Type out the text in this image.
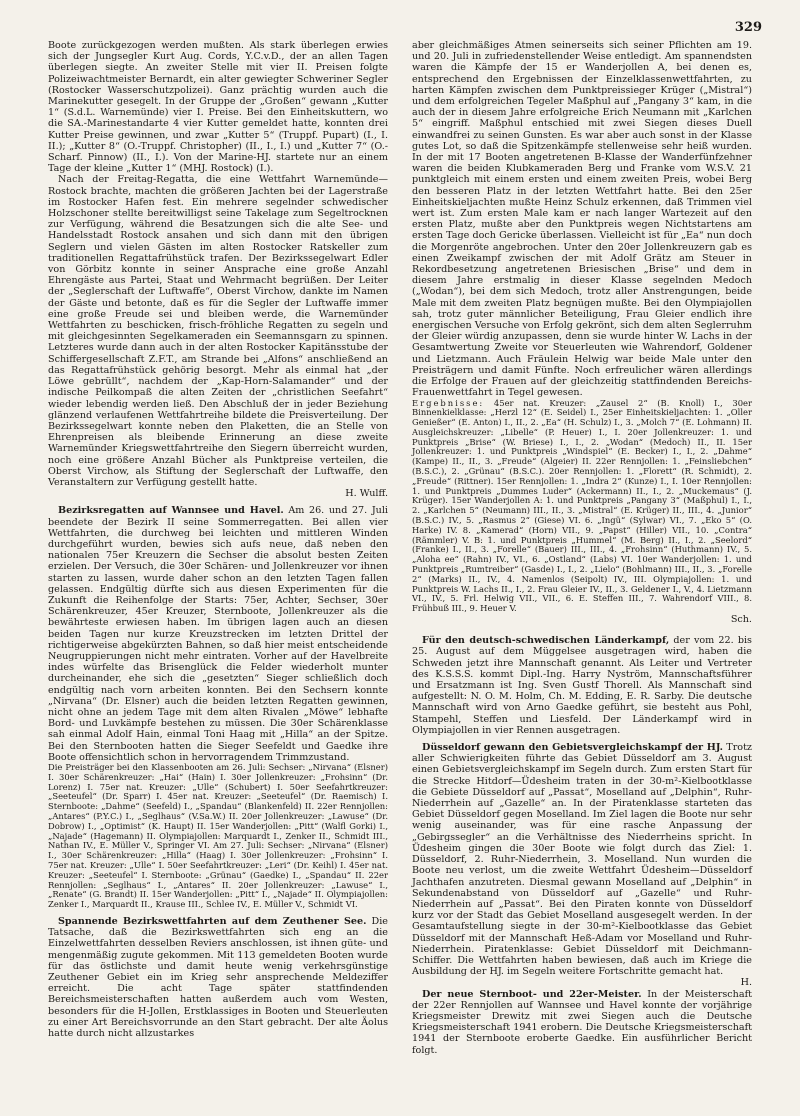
329

Boote zurückgezogen werden mußten. Als stark überlegen erwies sich der Jungsegler Kurt Aug. Cords, Y.C.v.D., der an allen Tagen überlegen siegte. An zweiter Stelle mit vier II. Preisen folgte Polizeiwachtmeister Bernardt, ein alter gewiegter Schweriner Segler (Rostocker Wasserschutzpolizei). Ganz prächtig wurden auch die Marinekutter gesegelt. In der Gruppe der „Großen“ gewann „Kutter 1“ (S.d.L. Warnemünde) vier I. Preise. Bei den Einheitskuttern, wo die SA.-Marinestandarte 4 vier Kutter gemeldet hatte, konnten drei Kutter Preise gewinnen, und zwar „Kutter 5“ (Truppf. Pupart) (I., I. II.); „Kutter 8“ (O.-Truppf. Christopher) (II., I., I.) und „Kutter 7“ (O.-Scharf. Pinnow) (II., I.). Von der Marine-HJ. startete nur an einem Tage der kleine „Kutter 1“ (MHJ. Rostock) (I.).

Nach der Freitag-Regatta, die eine Wettfahrt Warnemünde—Rostock brachte, machten die größeren Jachten bei der Lagerstraße im Rostocker Hafen fest. Ein mehrere segelnder schwedischer Holzschoner stellte bereitwilligst seine Takelage zum Segeltrocknen zur Verfügung, während die Besatzungen sich die alte See- und Handelsstadt Rostock ansahen und sich dann mit den übrigen Seglern und vielen Gästen im alten Rostocker Ratskeller zum traditionellen Regattafrühstück trafen. Der Bezirkssegelwart Edler von Görbitz konnte in seiner Ansprache eine große Anzahl Ehrengäste aus Partei, Staat und Wehrmacht begrüßen. Der Leiter der „Seglerschaft der Luftwaffe“, Oberst Virchow, dankte im Namen der Gäste und betonte, daß es für die Segler der Luftwaffe immer eine große Freude sei und bleiben werde, die Warnemünder Wettfahrten zu beschicken, frisch-fröhliche Regatten zu segeln und mit gleichgesinnten Segelkameraden ein Seemannsgarn zu spinnen. Letzteres wurde dann auch in der alten Rostocker Kapitänsstube der Schiffergesellschaft Z.F.T., am Strande bei „Alfons“ anschließend an das Regattafrühstück gehörig besorgt. Mehr als einmal hat „der Löwe gebrüllt“, nachdem der „Kap-Horn-Salamander“ und der indische Peilkompaß die alten Zeiten der „christlichen Seefahrt“ wieder lebendig werden ließ. Den Abschluß der in jeder Beziehung glänzend verlaufenen Wettfahrtreihe bildete die Preisverteilung. Der Bezirkssegelwart konnte neben den Plaketten, die an Stelle von Ehrenpreisen als bleibende Erinnerung an diese zweite Warnemünder Kriegswettfahrtreihe den Siegern überreicht wurden, noch eine größere Anzahl Bücher als Punktpreise verteilen, die Oberst Virchow, als Stiftung der Seglerschaft der Luftwaffe, den Veranstaltern zur Verfügung gestellt hatte.

H. Wulff.

Bezirksregatten auf Wannsee und Havel. Am 26. und 27. Juli beendete der Bezirk II seine Sommerregatten. Bei allen vier Wettfahrten, die durchweg bei leichten und mittleren Winden durchgeführt wurden, bewies sich aufs neue, daß neben den nationalen 75er Kreuzern die Sechser die absolut besten Zeiten erzielen. Der Versuch, die 30er Schären- und Jollenkreuzer vor ihnen starten zu lassen, wurde daher schon an den letzten Tagen fallen gelassen. Endgültig dürfte sich aus diesen Experimenten für die Zukunft die Reihenfolge der Starts: 75er, Achter, Sechser, 30er Schärenkreuzer, 45er Kreuzer, Sternboote, Jollenkreuzer als die bewährteste erwiesen haben. Im übrigen lagen auch an diesen beiden Tagen nur kurze Kreuzstrecken im letzten Drittel der richtigerweise abgekürzten Bahnen, so daß hier meist entscheidende Neugruppierungen nicht mehr eintraten. Vorher auf der Havelbreite indes würfelte das Brisenglück die Felder wiederholt munter durcheinander, ehe sich die „gesetzten“ Sieger schließlich doch endgültig nach vorn arbeiten konnten. Bei den Sechsern konnte „Nirvana“ (Dr. Elsner) auch die beiden letzten Regatten gewinnen, nicht ohne an jedem Tage mit dem alten Rivalen „Möwe“ lebhafte Bord- und Luvkämpfe bestehen zu müssen. Die 30er Schärenklasse sah einmal Adolf Hain, einmal Toni Haag mit „Hilla“ an der Spitze. Bei den Sternbooten hatten die Sieger Seefeldt und Gaedke ihre Boote offensichtlich schon in hervorragendem Trimmzustand.

Die Preisträger bei den Klassenbooten am 26. Juli: Sechser: „Nirvana“ (Elsner) I. 30er Schärenkreuzer: „Hai“ (Hain) I. 30er Jollenkreuzer: „Frohsinn“ (Dr. Lorenz) I. 75er nat. Kreuzer: „Ulle“ (Schubert) I. 50er Seefahrtkreuzer: „Seeteufel“ (Dr. Sparr) I. 45er nat. Kreuzer: „Seeteufel“ (Dr. Raemisch) I. Sternboote: „Dahme“ (Seefeld) I., „Spandau“ (Blankenfeld) II. 22er Rennjollen: „Antares“ (P.Y.C.) I., „Seglhaus“ (V.Sa.W.) II. 20er Jollenkreuzer: „Lawuse“ (Dr. Dobrow) I., „Optimist“ (K. Haupt) II. 15er Wanderjollen: „Pitt“ (Walfl Gorki) I., „Najade“ (Hagemann) II. Olympiajollen: Marquardt I., Zenker II., Schmidt III., Nathan IV., E. Müller V., Springer VI. Am 27. Juli: Sechser: „Nirvana“ (Elsner) I., 30er Schärenkreuzer: „Hilla“ (Haag) I. 30er Jollenkreuzer: „Frohsinn“ I. 75er nat. Kreuzer: „Ulle“ I. 50er Seefahrtkreuzer: „Leri“ (Dr. Keihl) I. 45er nat. Kreuzer: „Seeteufel“ I. Sternboote: „Grünau“ (Gaedke) I., „Spandau“ II. 22er Rennjollen: „Seglhaus“ I., „Antares“ II. 20er Jollenkreuzer: „Lawuse“ I., „Renate“ (G. Brandt) II. 15er Wanderjollen: „Pitt“ I., „Najade“ II. Olympiajollen: Zenker I., Marquardt II., Krause III., Schlee IV., E. Müller V., Schmidt VI.

Spannende Bezirkswettfahrten auf dem Zeuthener See. Die Tatsache, daß die Bezirkswettfahrten sich eng an die Einzelwettfahrten desselben Reviers anschlossen, ist ihnen güte- und mengenmäßig zugute gekommen. Mit 113 gemeldeten Booten wurde für das östlichste und damit heute wenig verkehrsgünstige Zeuthener Gebiet ein im Krieg sehr ansprechende Meldeziffer erreicht. Die acht Tage später stattfindenden Bereichsmeisterschaften hatten außerdem auch vom Westen, besonders für die H-Jollen, Erstklassiges in Booten und Steuerleuten zu einer Art Bereichsvorrunde an den Start gebracht. Der alte Äolus hatte durch nicht allzustarkes

aber gleichmäßiges Atmen seinerseits sich seiner Pflichten am 19. und 20. Juli in zufriedenstellender Weise entledigt. Am spannendsten waren die Kämpfe der 15 er Wanderjollen A, bei denen es, entsprechend den Ergebnissen der Einzelklassenwettfahrten, zu harten Kämpfen zwischen dem Punktpreissieger Krüger („Mistral“) und dem erfolgreichen Tegeler Maßphul auf „Pangany 3“ kam, in die auch der in diesem Jahre erfolgreiche Erich Neumann mit „Karlchen 5“ eingriff. Maßphul entschied mit zwei Siegen dieses Duell einwandfrei zu seinen Gunsten. Es war aber auch sonst in der Klasse gutes Lot, so daß die Spitzenkämpfe stellenweise sehr heiß wurden. In der mit 17 Booten angetretenen B-Klasse der Wanderfünfzehner waren die beiden Klubkameraden Berg und Franke vom W.S.V. 21 punktgleich mit einem ersten und einem zweiten Preis, wobei Berg den besseren Platz in der letzten Wettfahrt hatte. Bei den 25er Einheitskieljachten mußte Heinz Schulz erkennen, daß Trimmen viel wert ist. Zum ersten Male kam er nach langer Wartezeit auf den ersten Platz, mußte aber den Punktpreis wegen Nichtstartens am ersten Tage doch Gericke überlassen. Vielleicht ist für „Ea“ nun doch die Morgenröte angebrochen. Unter den 20er Jollenkreuzern gab es einen Zweikampf zwischen der mit Adolf Grätz am Steuer in Rekordbesetzung angetretenen Briesischen „Brise“ und dem in diesem Jahre erstmalig in dieser Klasse segelnden Medoch („Wodan“), bei dem sich Medoch, trotz aller Anstrengungen, beide Male mit dem zweiten Platz begnügen mußte. Bei den Olympiajollen sah, trotz guter männlicher Beteiligung, Frau Gleier endlich ihre energischen Versuche von Erfolg gekrönt, sich dem alten Seglerruhm der Gleier würdig anzupassen, denn sie wurde hinter W. Lachs in der Gesamtwertung Zweite vor Steuerleuten wie Wahrendorf, Goldener und Lietzmann. Auch Fräulein Helwig war beide Male unter den Preisträgern und damit Fünfte. Noch erfreulicher wären allerdings die Erfolge der Frauen auf der gleichzeitig stattfindenden Bereichs-Frauenwettfahrt in Tegel gewesen.

Ergebnisse: 45er nat. Kreuzer: „Zausel 2“ (B. Knoll) I., 30er Binnenkielklasse: „Herzl 12“ (E. Seidel) I., 25er Einheitskieljachten: 1. „Oller Genießer“ (E. Anton) I., II., 2. „Ea“ (H. Schulz) I., 3. „Molch 7“ (E. Lohmann) II. Ausgleichskreuzer: „Libelle“ (P. Heuer) I., I. 20er Jollenkreuzer: 1. und Punktpreis „Brise“ (W. Briese) I., I., 2. „Wodan“ (Medoch) II., II. 15er Jollenkreuzer: 1. und Punktpreis „Windspiel“ (E. Becker) I., I., 2. „Dahme“ (Kampe) II., II., 3. „Freude“ (Algeier) II. 22er Rennjollen: 1. „Feinsliebchen“ (B.S.C.), 2. „Grünau“ (B.S.C.). 20er Rennjollen: 1. „Florett“ (R. Schmidt), 2. „Freude“ (Rittner). 15er Rennjollen: 1. „Indra 2“ (Kunze) I., I. 10er Rennjollen: 1. und Punktpreis „Dummes Luder“ (Ackermann) II., I., 2. „Muckemaus“ (J. Krüger). 15er Wanderjollen A: 1. und Punktpreis „Pangany 3“ (Maßphul) I., I., 2. „Karlchen 5“ (Neumann) III., II., 3. „Mistral“ (E. Krüger) II., III., 4. „Junior“ (B.S.C.) IV., 5. „Rasmus 2“ (Giese) VI. 6. „Ingü“ (Sylwar) VI., 7. „Eko 5“ (O. Harke) IV. 8. „Kamerad“ (Horn) VII., 9. „Papst“ (Hiller) VII., 10. „Contra“ (Rämmler) V. B: 1. und Punktpreis „Hummel“ (M. Berg) II., I., 2. „Seelord“ (Franke) I., II., 3. „Forelle“ (Bauer) III., III., 4. „Frohsinn“ (Huthmann) IV., 5. „Aloha ee“ (Rahn) IV., VI., 6. „Ostland“ (Labs) VI. 10er Wanderjollen: 1. und Punktpreis „Rumtreiber“ (Gasde) I., I., 2. „Lielo“ (Bohlmann) III., II., 3. „Forelle 2“ (Marks) II., IV., 4. Namenlos (Seipolt) IV., III. Olympiajollen: 1. und Punktpreis W. Lachs II., I., 2. Frau Gleier IV., II., 3. Geldener I., V., 4. Lietzmann VI., IV., 5. Frl. Helwig VII., VII., 6. E. Steffen III., 7. Wahrendorf VIII., 8. Frühbuß III., 9. Heuer V.

Sch.

Für den deutsch-schwedischen Länderkampf, der vom 22. bis 25. August auf dem Müggelsee ausgetragen wird, haben die Schweden jetzt ihre Mannschaft genannt. Als Leiter und Vertreter des K.S.S.S. kommt Dipl.-Ing. Harry Nyström, Mannschaftsführer und Ersatzmann ist Ing. Sven Gustf Thorell. Als Mannschaft sind aufgestellt: N. O. M. Holm, Ch. M. Edding, E. R. Sarby. Die deutsche Mannschaft wird von Arno Gaedke geführt, sie besteht aus Pohl, Stampehl, Steffen und Liesfeld. Der Länderkampf wird in Olympiajollen in vier Rennen ausgetragen.

Düsseldorf gewann den Gebietsvergleichskampf der HJ. Trotz aller Schwierigkeiten führte das Gebiet Düsseldorf am 3. August einen Gebietsvergleichskampf im Segeln durch. Zum ersten Start für die Strecke Hitdorf—Üdesheim traten in der 30-m²-Kielbootklasse die Gebiete Düsseldorf auf „Passat“, Moselland auf „Delphin“, Ruhr-Niederrhein auf „Gazelle“ an. In der Piratenklasse starteten das Gebiet Düsseldorf gegen Moselland. Im Ziel lagen die Boote nur sehr wenig auseinander, was für eine rasche Anpassung der „Gebirgssegler“ an die Verhältnisse des Niederrheins spricht. In Üdesheim gingen die 30er Boote wie folgt durch das Ziel: 1. Düsseldorf, 2. Ruhr-Niederrhein, 3. Moselland. Nun wurden die Boote neu verlost, um die zweite Wettfahrt Üdesheim—Düsseldorf Jachthafen anzutreten. Diesmal gewann Moselland auf „Delphin“ in Sekundenabstand von Düsseldorf auf „Gazelle“ und Ruhr-Niederrhein auf „Passat“. Bei den Piraten konnte von Düsseldorf kurz vor der Stadt das Gebiet Moselland ausgesegelt werden. In der Gesamtaufstellung siegte in der 30-m²-Kielbootklasse das Gebiet Düsseldorf mit der Mannschaft Heß-Adam vor Moselland und Ruhr-Niederrhein. Piratenklasse: Gebiet Düsseldorf mit Deichmann-Schiffer. Die Wettfahrten haben bewiesen, daß auch im Kriege die Ausbildung der HJ. im Segeln weitere Fortschritte gemacht hat.

H.

Der neue Sternboot- und 22er-Meister. In der Meisterschaft der 22er Rennjollen auf Wannsee und Havel konnte der vorjährige Kriegsmeister Drewitz mit zwei Siegen auch die Deutsche Kriegsmeisterschaft 1941 erobern. Die Deutsche Kriegsmeisterschaft 1941 der Sternboote eroberte Gaedke. Ein ausführlicher Bericht folgt.
